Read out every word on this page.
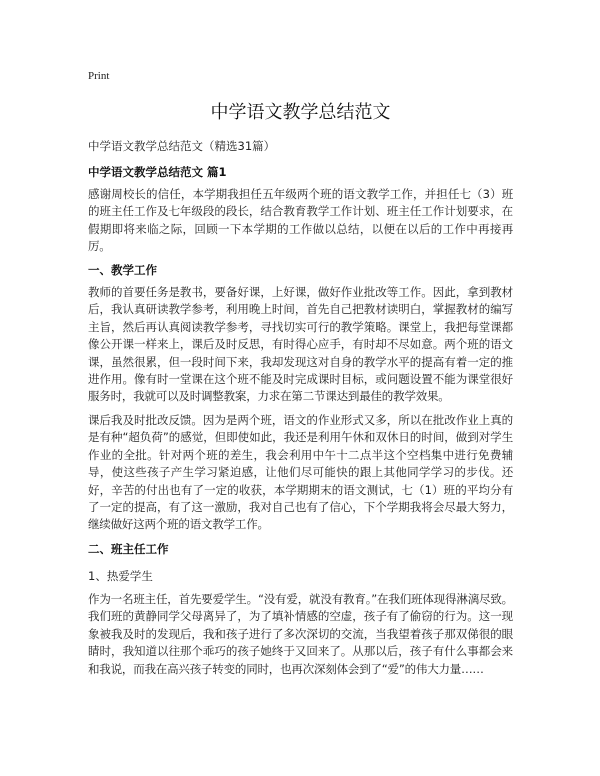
Print
中学语文教学总结范文
中学语文教学总结范文（精选31篇）
中学语文教学总结范文 篇1
感谢周校长的信任，本学期我担任五年级两个班的语文教学工作，并担任七（3）班的班主任工作及七年级段的段长，结合教育教学工作计划、班主任工作计划要求，在假期即将来临之际，回顾一下本学期的工作做以总结，以便在以后的工作中再接再厉。
一、教学工作
教师的首要任务是教书，要备好课，上好课，做好作业批改等工作。因此，拿到教材后，我认真研读教学参考，利用晚上时间，首先自己把教材读明白，掌握教材的编写主旨，然后再认真阅读教学参考，寻找切实可行的教学策略。课堂上，我把每堂课都像公开课一样来上，课后及时反思，有时得心应手，有时却不尽如意。两个班的语文课，虽然很累，但一段时间下来，我却发现这对自身的教学水平的提高有着一定的推进作用。像有时一堂课在这个班不能及时完成课时目标，或问题设置不能为课堂很好服务时，我就可以及时调整教案，力求在第二节课达到最佳的教学效果。
课后我及时批改反馈。因为是两个班，语文的作业形式又多，所以在批改作业上真的是有种“超负荷”的感觉，但即使如此，我还是利用午休和双休日的时间，做到对学生作业的全批。针对两个班的差生，我会利用中午十二点半这个空档集中进行免费辅导，使这些孩子产生学习紧迫感，让他们尽可能快的跟上其他同学学习的步伐。还好，辛苦的付出也有了一定的收获，本学期期末的语文测试，七（1）班的平均分有了一定的提高，有了这一激励，我对自己也有了信心，下个学期我将会尽最大努力，继续做好这两个班的语文教学工作。
二、班主任工作
1、热爱学生
作为一名班主任，首先要爱学生。“没有爱，就没有教育。”在我们班体现得淋漓尽致。我们班的黄静同学父母离异了，为了填补情感的空虚，孩子有了偷窃的行为。这一现象被我及时的发现后，我和孩子进行了多次深切的交流，当我望着孩子那双俤很的眼睛时，我知道以往那个乖巧的孩子她终于又回来了。从那以后，孩子有什么事都会来和我说，而我在高兴孩子转变的同时，也再次深刻体会到了“爱”的伟大力量……
